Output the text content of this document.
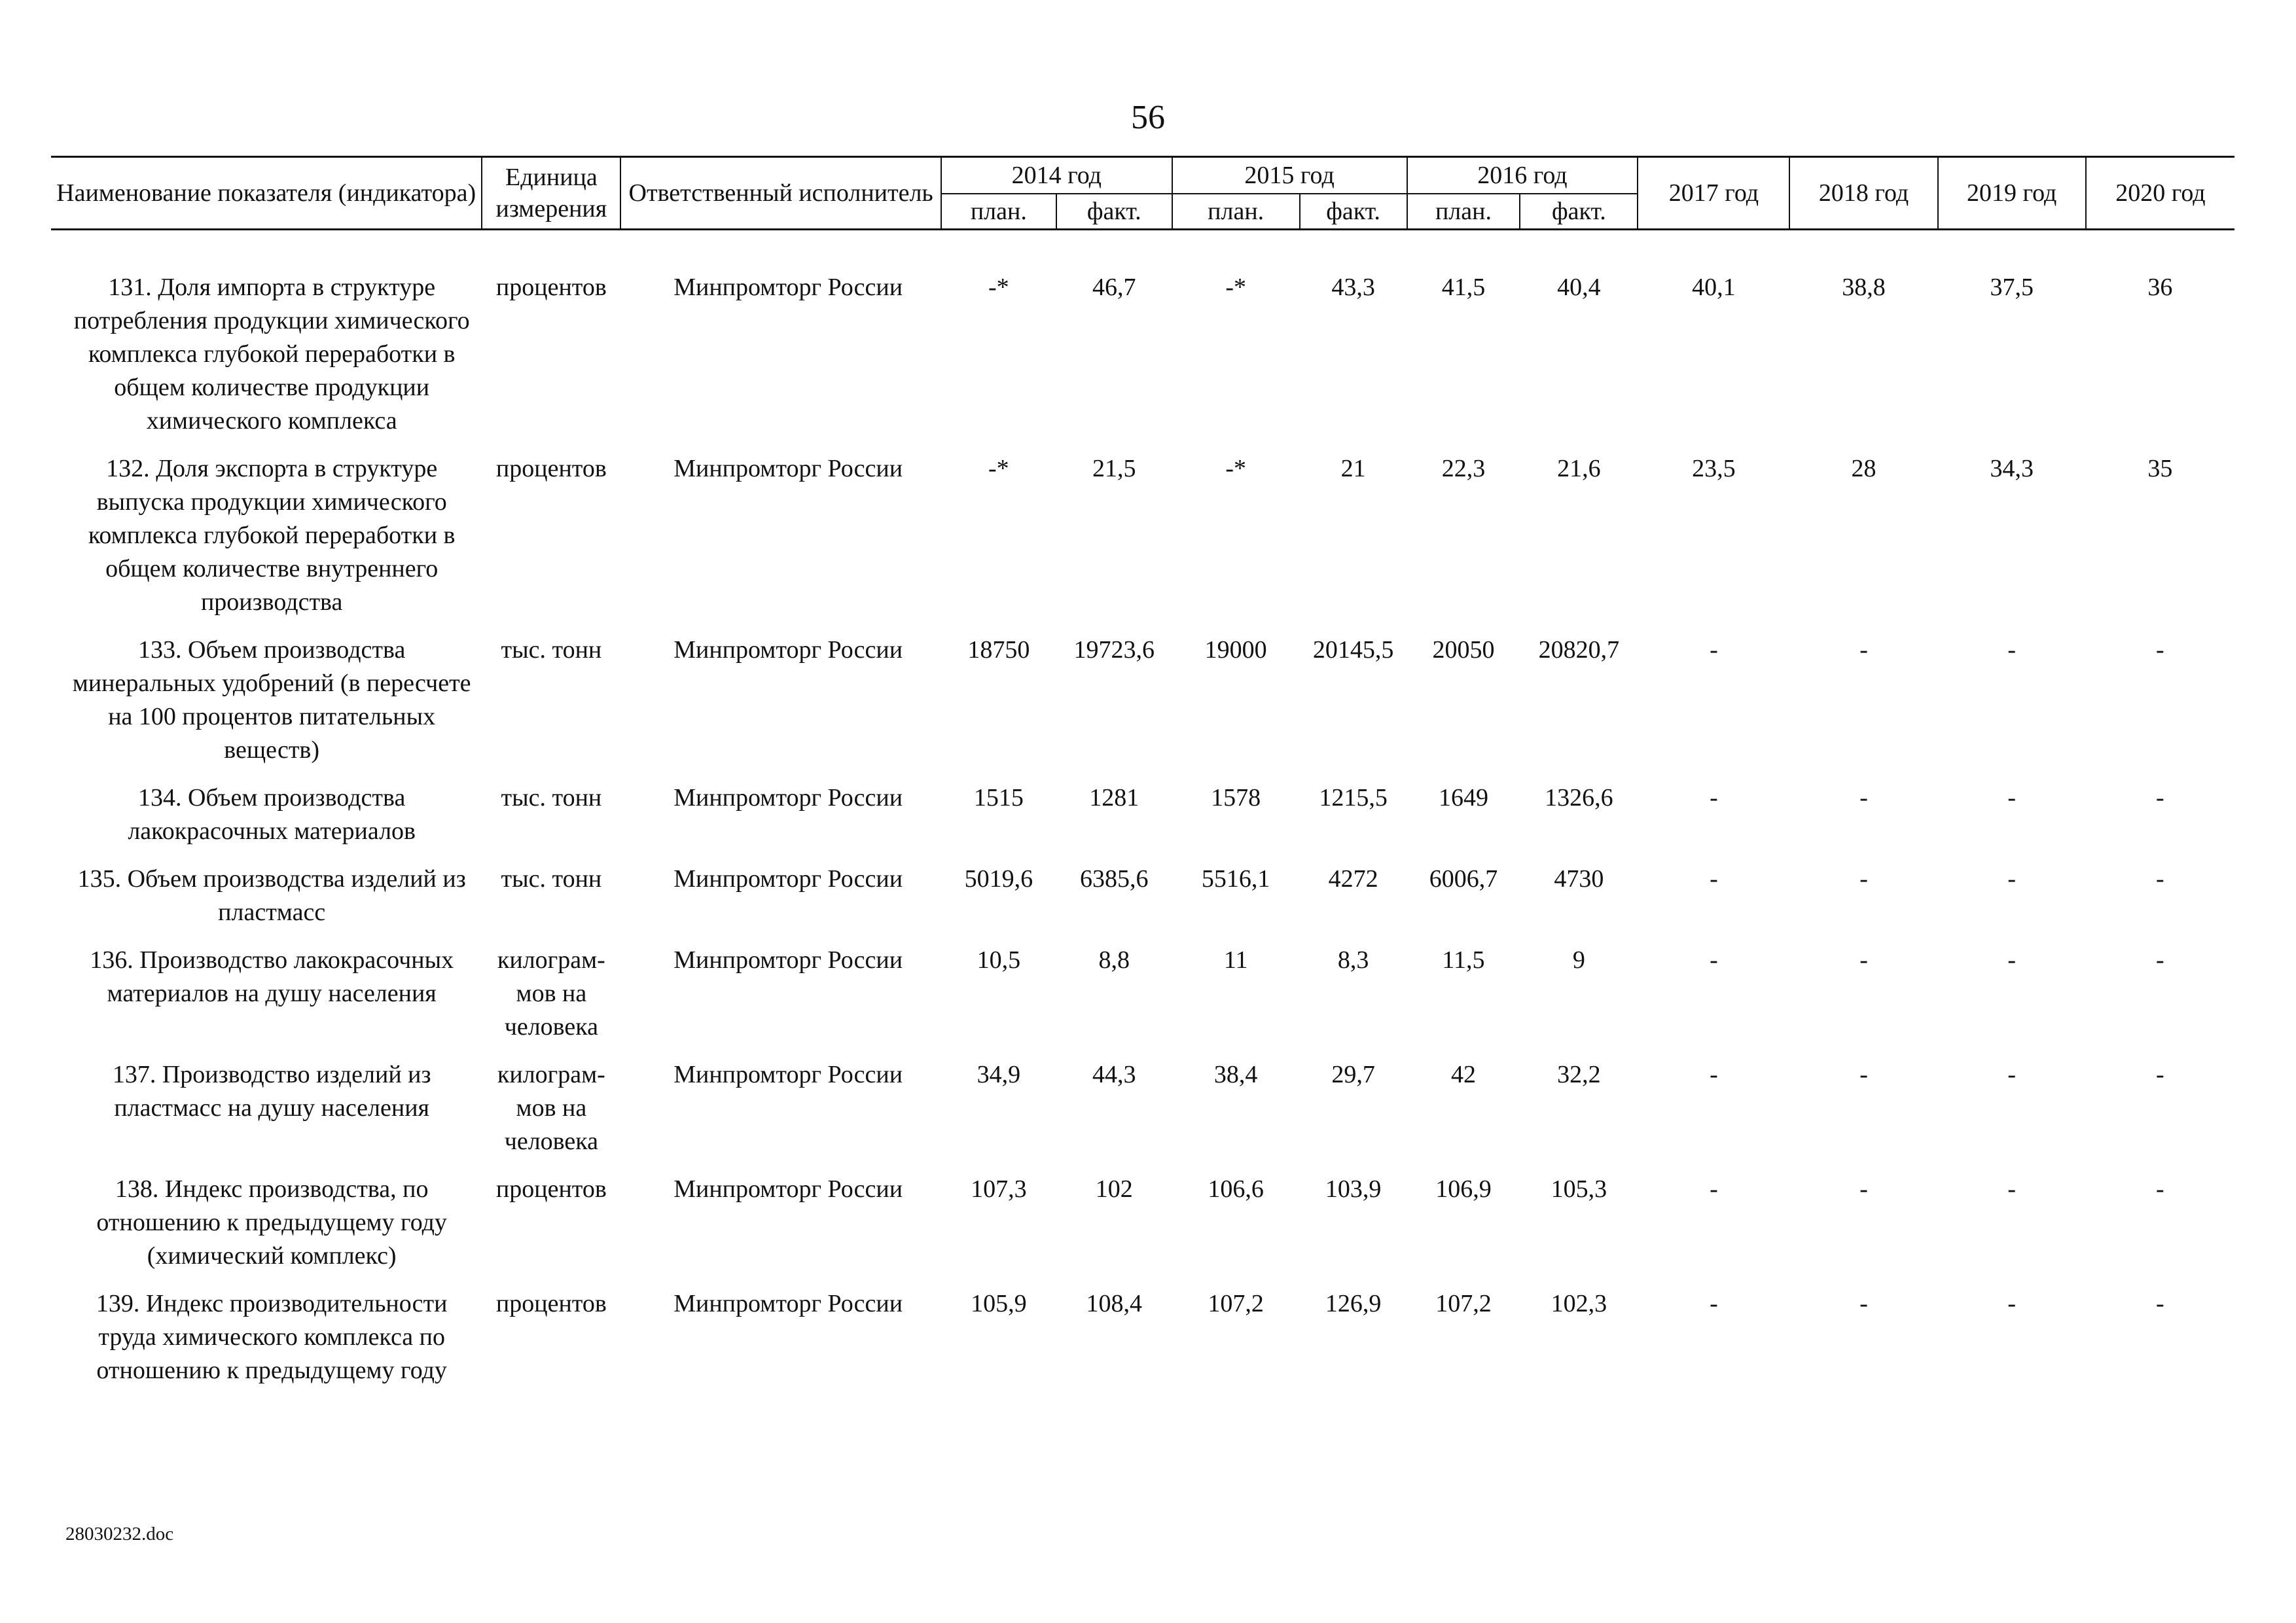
56
Наименование показателя (индикатора)	Единица измерения	Ответственный исполнитель	2014 год		2015 год		2016 год		2017 год	2018 год	2019 год	2020 год
			план.	факт.	план.	факт.	план.	факт.				

131. Доля импорта в структуре потребления продукции химического комплекса глубокой переработки в общем количестве продукции химического комплекса	процентов	Минпромторг России	-*	46,7	-*	43,3	41,5	40,4	40,1	38,8	37,5	36
132. Доля экспорта в структуре выпуска продукции химического комплекса глубокой переработки в общем количестве внутреннего производства	процентов	Минпромторг России	-*	21,5	-*	21	22,3	21,6	23,5	28	34,3	35
133. Объем производства минеральных удобрений (в пересчете на 100 процентов питательных веществ)	тыс. тонн	Минпромторг России	18750	19723,6	19000	20145,5	20050	20820,7	-	-	-	-
134. Объем производства лакокрасочных материалов	тыс. тонн	Минпромторг России	1515	1281	1578	1215,5	1649	1326,6	-	-	-	-
135. Объем производства изделий из пластмасс	тыс. тонн	Минпромторг России	5019,6	6385,6	5516,1	4272	6006,7	4730	-	-	-	-
136. Производство лакокрасочных материалов на душу населения	килограм-мов на человека	Минпромторг России	10,5	8,8	11	8,3	11,5	9	-	-	-	-
137. Производство изделий из пластмасс на душу населения	килограм-мов на человека	Минпромторг России	34,9	44,3	38,4	29,7	42	32,2	-	-	-	-
138. Индекс производства, по отношению к предыдущему году (химический комплекс)	процентов	Минпромторг России	107,3	102	106,6	103,9	106,9	105,3	-	-	-	-
139. Индекс производительности труда химического комплекса по отношению к предыдущему году	процентов	Минпромторг России	105,9	108,4	107,2	126,9	107,2	102,3	-	-	-	-
28030232.doc
